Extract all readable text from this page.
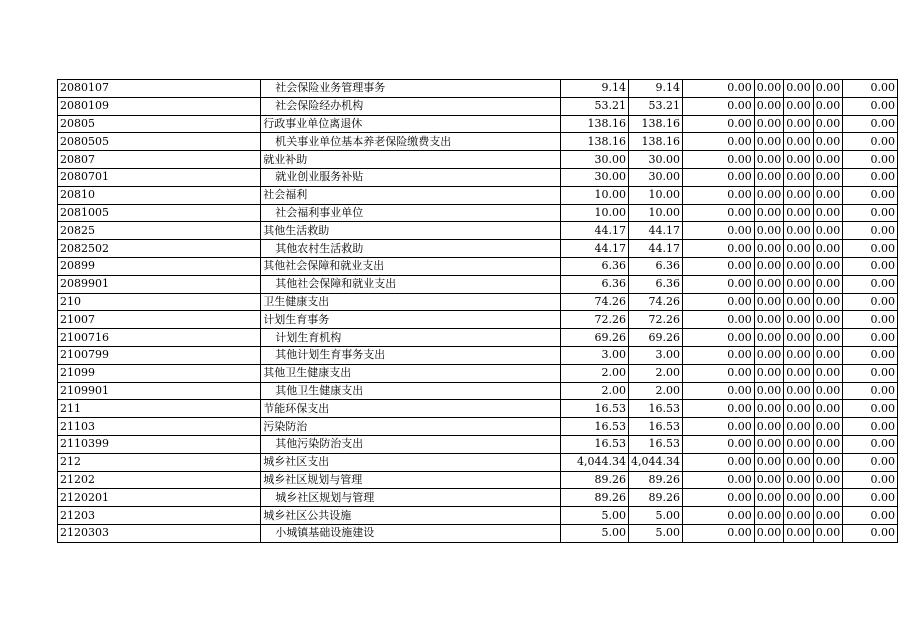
2080107	社会保险业务管理事务	9.14	9.14	0.00	0.00	0.00	0.00	0.00
2080109	社会保险经办机构	53.21	53.21	0.00	0.00	0.00	0.00	0.00
20805	行政事业单位离退休	138.16	138.16	0.00	0.00	0.00	0.00	0.00
2080505	机关事业单位基本养老保险缴费支出	138.16	138.16	0.00	0.00	0.00	0.00	0.00
20807	就业补助	30.00	30.00	0.00	0.00	0.00	0.00	0.00
2080701	就业创业服务补贴	30.00	30.00	0.00	0.00	0.00	0.00	0.00
20810	社会福利	10.00	10.00	0.00	0.00	0.00	0.00	0.00
2081005	社会福利事业单位	10.00	10.00	0.00	0.00	0.00	0.00	0.00
20825	其他生活救助	44.17	44.17	0.00	0.00	0.00	0.00	0.00
2082502	其他农村生活救助	44.17	44.17	0.00	0.00	0.00	0.00	0.00
20899	其他社会保障和就业支出	6.36	6.36	0.00	0.00	0.00	0.00	0.00
2089901	其他社会保障和就业支出	6.36	6.36	0.00	0.00	0.00	0.00	0.00
210	卫生健康支出	74.26	74.26	0.00	0.00	0.00	0.00	0.00
21007	计划生育事务	72.26	72.26	0.00	0.00	0.00	0.00	0.00
2100716	计划生育机构	69.26	69.26	0.00	0.00	0.00	0.00	0.00
2100799	其他计划生育事务支出	3.00	3.00	0.00	0.00	0.00	0.00	0.00
21099	其他卫生健康支出	2.00	2.00	0.00	0.00	0.00	0.00	0.00
2109901	其他卫生健康支出	2.00	2.00	0.00	0.00	0.00	0.00	0.00
211	节能环保支出	16.53	16.53	0.00	0.00	0.00	0.00	0.00
21103	污染防治	16.53	16.53	0.00	0.00	0.00	0.00	0.00
2110399	其他污染防治支出	16.53	16.53	0.00	0.00	0.00	0.00	0.00
212	城乡社区支出	4,044.34	4,044.34	0.00	0.00	0.00	0.00	0.00
21202	城乡社区规划与管理	89.26	89.26	0.00	0.00	0.00	0.00	0.00
2120201	城乡社区规划与管理	89.26	89.26	0.00	0.00	0.00	0.00	0.00
21203	城乡社区公共设施	5.00	5.00	0.00	0.00	0.00	0.00	0.00
2120303	小城镇基础设施建设	5.00	5.00	0.00	0.00	0.00	0.00	0.00
